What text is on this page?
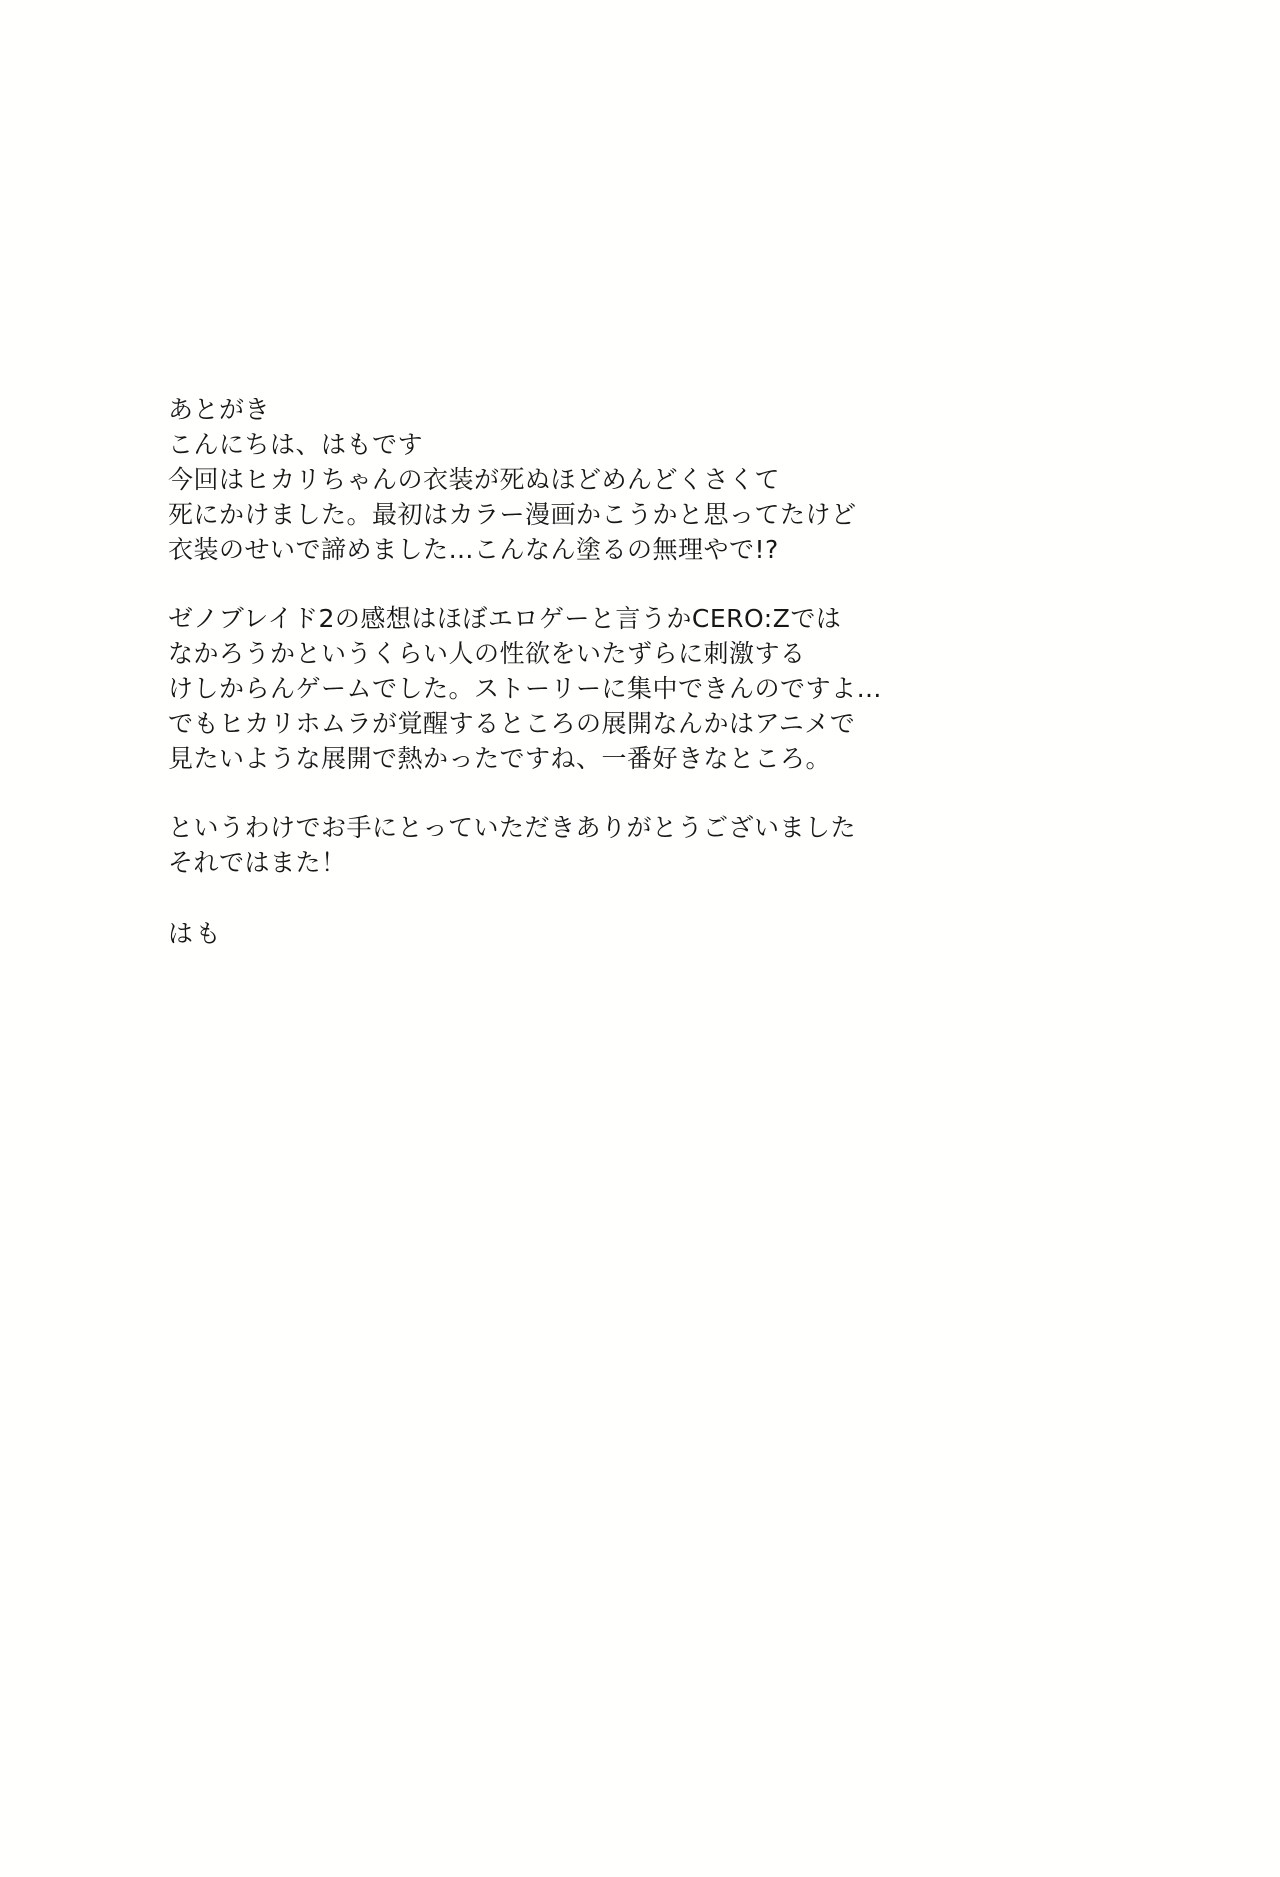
あとがき
こんにちは、はもです
今回はヒカリちゃんの衣装が死ぬほどめんどくさくて
死にかけました。最初はカラー漫画かこうかと思ってたけど
衣装のせいで諦めました…こんなん塗るの無理やで!?
ゼノブレイド2の感想はほぼエロゲーと言うかCERO:Zでは
なかろうかというくらい人の性欲をいたずらに刺激する
けしからんゲームでした。ストーリーに集中できんのですよ…
でもヒカリホムラが覚醒するところの展開なんかはアニメで
見たいような展開で熱かったですね、一番好きなところ。
というわけでお手にとっていただきありがとうございました
それではまた！
はも
